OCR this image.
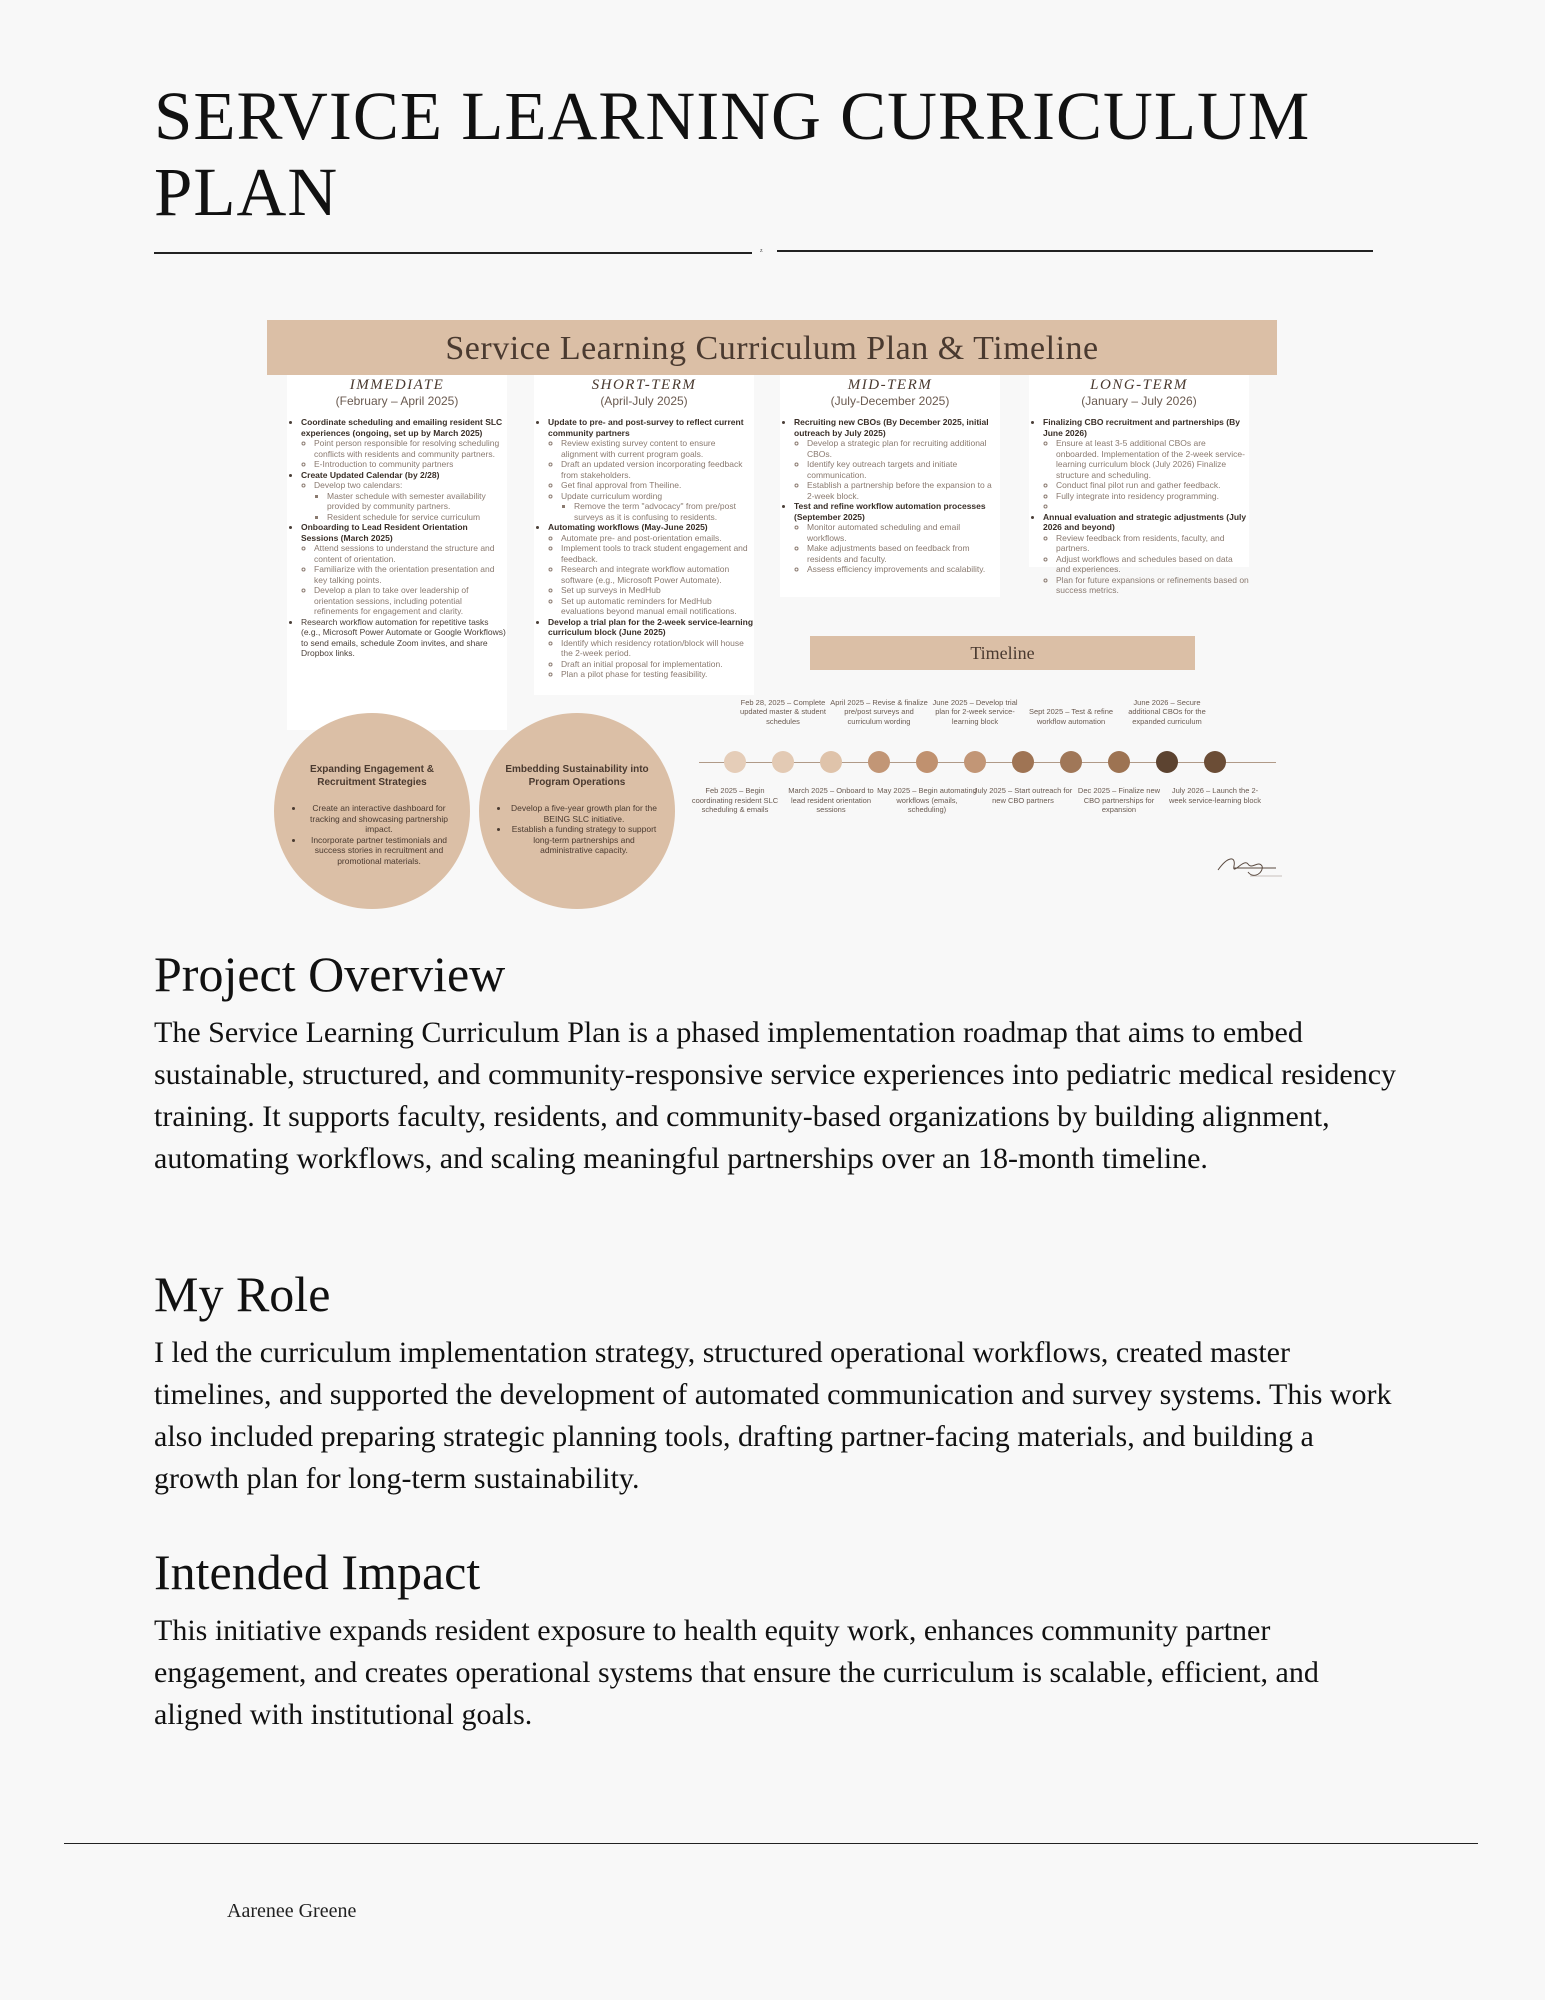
SERVICE LEARNING CURRICULUM PLAN
z
Service Learning Curriculum Plan & Timeline
IMMEDIATE
(February – April 2025)
• Coordinate scheduling and emailing resident SLC experiences (ongoing, set up by March 2025)
◦ Point person responsible for resolving scheduling conflicts with residents and community partners.
◦ E-Introduction to community partners
• Create Updated Calendar (by 2/28)
◦ Develop two calendars:
▪ Master schedule with semester availability provided by community partners.
▪ Resident schedule for service curriculum
• Onboarding to Lead Resident Orientation Sessions (March 2025)
◦ Attend sessions to understand the structure and content of orientation.
◦ Familiarize with the orientation presentation and key talking points.
◦ Develop a plan to take over leadership of orientation sessions, including potential refinements for engagement and clarity.
• Research workflow automation for repetitive tasks (e.g., Microsoft Power Automate or Google Workflows) to send emails, schedule Zoom invites, and share Dropbox links.
SHORT-TERM
(April-July 2025)
• Update to pre- and post-survey to reflect current community partners
◦ Review existing survey content to ensure alignment with current program goals.
◦ Draft an updated version incorporating feedback from stakeholders.
◦ Get final approval from Theiline.
◦ Update curriculum wording
▪ Remove the term "advocacy" from pre/post surveys as it is confusing to residents.
• Automating workflows (May-June 2025)
◦ Automate pre- and post-orientation emails.
◦ Implement tools to track student engagement and feedback.
◦ Research and integrate workflow automation software (e.g., Microsoft Power Automate).
◦ Set up surveys in MedHub
◦ Set up automatic reminders for MedHub evaluations beyond manual email notifications.
• Develop a trial plan for the 2-week service-learning curriculum block (June 2025)
◦ Identify which residency rotation/block will house the 2-week period.
◦ Draft an initial proposal for implementation.
◦ Plan a pilot phase for testing feasibility.
MID-TERM
(July-December 2025)
• Recruiting new CBOs (By December 2025, initial outreach by July 2025)
◦ Develop a strategic plan for recruiting additional CBOs.
◦ Identify key outreach targets and initiate communication.
◦ Establish a partnership before the expansion to a 2-week block.
• Test and refine workflow automation processes (September 2025)
◦ Monitor automated scheduling and email workflows.
◦ Make adjustments based on feedback from residents and faculty.
◦ Assess efficiency improvements and scalability.
LONG-TERM
(January – July 2026)
• Finalizing CBO recruitment and partnerships (By June 2026)
◦ Ensure at least 3-5 additional CBOs are onboarded. Implementation of the 2-week service- learning curriculum block (July 2026) Finalize structure and scheduling.
◦ Conduct final pilot run and gather feedback.
◦ Fully integrate into residency programming.
◦
• Annual evaluation and strategic adjustments (July 2026 and beyond)
◦ Review feedback from residents, faculty, and partners.
◦ Adjust workflows and schedules based on data and experiences.
◦ Plan for future expansions or refinements based on success metrics.
Expanding Engagement & Recruitment Strategies
• Create an interactive dashboard for tracking and showcasing partnership impact.
• Incorporate partner testimonials and success stories in recruitment and promotional materials.
Embedding Sustainability into Program Operations
• Develop a five-year growth plan for the BEING SLC initiative.
• Establish a funding strategy to support long-term partnerships and administrative capacity.
Timeline
Feb 2025 – Begin coordinating resident SLC scheduling & emails
Feb 28, 2025 – Complete updated master & student schedules
March 2025 – Onboard to lead resident orientation sessions
April 2025 – Revise & finalize pre/post surveys and curriculum wording
May 2025 – Begin automating workflows (emails, scheduling)
June 2025 – Develop trial plan for 2-week service-learning block
July 2025 – Start outreach for new CBO partners
Sept 2025 – Test & refine workflow automation
Dec 2025 – Finalize new CBO partnerships for expansion
June 2026 – Secure additional CBOs for the expanded curriculum
July 2026 – Launch the 2-week service-learning block
Project Overview

The Service Learning Curriculum Plan is a phased implementation roadmap that aims to embed sustainable, structured, and community-responsive service experiences into pediatric medical residency training. It supports faculty, residents, and community-based organizations by building alignment, automating workflows, and scaling meaningful partnerships over an 18-month timeline.

My Role

I led the curriculum implementation strategy, structured operational workflows, created master timelines, and supported the development of automated communication and survey systems. This work also included preparing strategic planning tools, drafting partner-facing materials, and building a growth plan for long-term sustainability.

Intended Impact

This initiative expands resident exposure to health equity work, enhances community partner engagement, and creates operational systems that ensure the curriculum is scalable, efficient, and aligned with institutional goals.

Aarenee Greene
